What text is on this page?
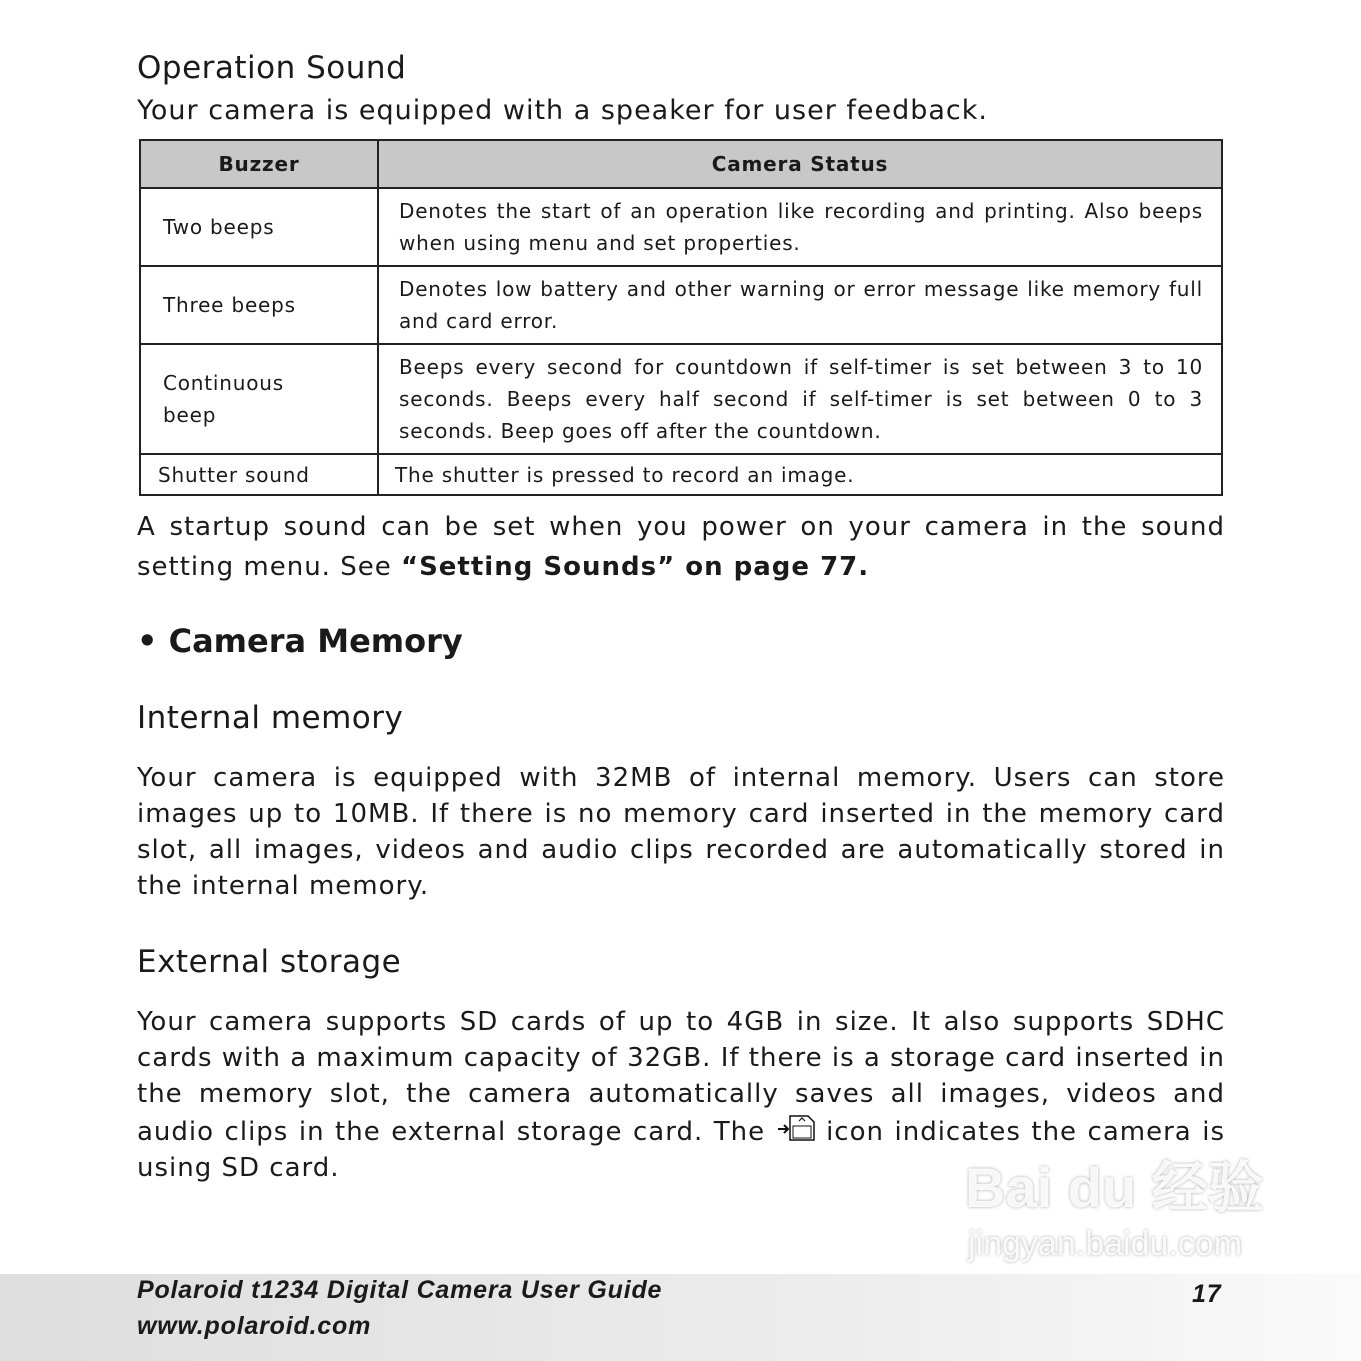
Operation Sound
Your camera is equipped with a speaker for user feedback.
Buzzer	Camera Status
Two beeps	Denotes the start of an operation like recording and printing. Also beeps when using menu and set properties.
Three beeps	Denotes low battery and other warning or error message like memory full and card error.
Continuous beep	Beeps every second for countdown if self-timer is set between 3 to 10 seconds. Beeps every half second if self-timer is set between 0 to 3 seconds. Beep goes off after the countdown.
Shutter sound	The shutter is pressed to record an image.
A startup sound can be set when you power on your camera in the sound setting menu. See “Setting Sounds” on page 77.
• Camera Memory
Internal memory
Your camera is equipped with 32MB of internal memory. Users can store images up to 10MB. If there is no memory card inserted in the memory card slot, all images, videos and audio clips recorded are automatically stored in the internal memory.
External storage
Your camera supports SD cards of up to 4GB in size. It also supports SDHC cards with a maximum capacity of 32GB. If there is a storage card inserted in the memory slot, the camera automatically saves all images, videos and audio clips in the external storage card. The  icon indicates the camera is using SD card.	Bai du 经验
jingyan.baidu.com
Polaroid t1234 Digital Camera User Guide
www.polaroid.com
17
